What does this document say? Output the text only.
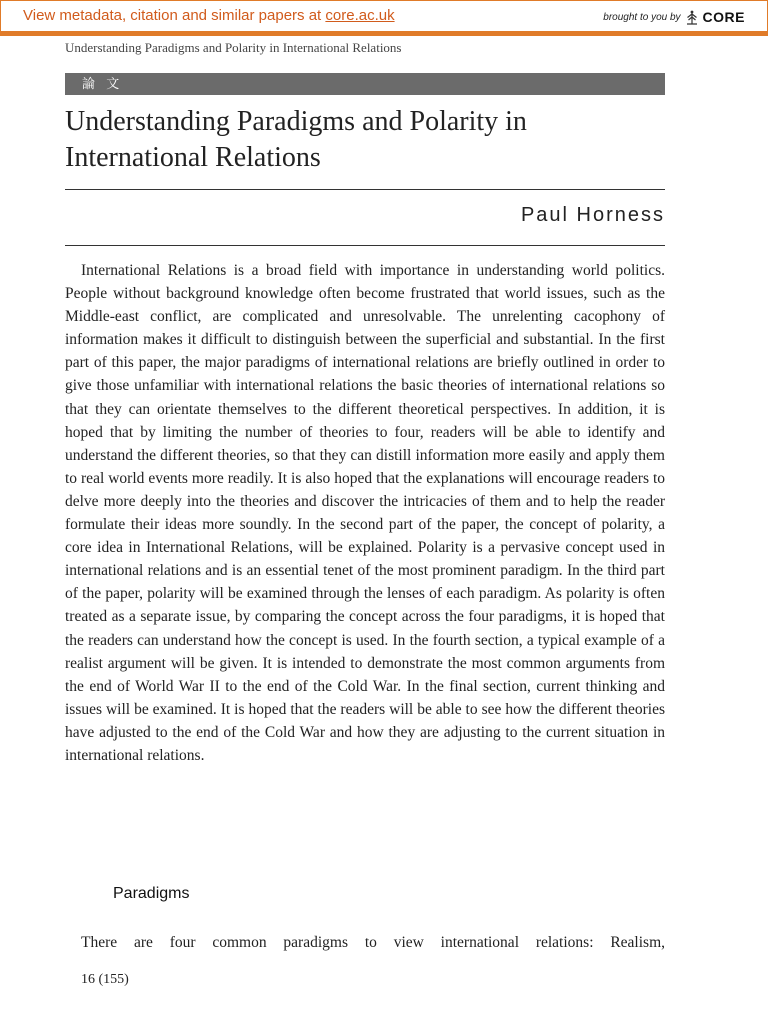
View metadata, citation and similar papers at core.ac.uk	brought to you by CORE
Understanding Paradigms and Polarity in International Relations
論 文
Understanding Paradigms and Polarity in International Relations
Paul Horness

International Relations is a broad field with importance in understanding world politics. People without background knowledge often become frustrated that world issues, such as the Middle-east conflict, are complicated and unresolvable. The unrelenting cacophony of information makes it difficult to distinguish between the superficial and substantial. In the first part of this paper, the major paradigms of international relations are briefly outlined in order to give those unfamiliar with international relations the basic theories of international relations so that they can orientate themselves to the different theoretical perspectives. In addition, it is hoped that by limiting the number of theories to four, readers will be able to identify and understand the different theories, so that they can distill information more easily and apply them to real world events more readily. It is also hoped that the explanations will encourage readers to delve more deeply into the theories and discover the intricacies of them and to help the reader formulate their ideas more soundly. In the second part of the paper, the concept of polarity, a core idea in International Relations, will be explained. Polarity is a pervasive concept used in international relations and is an essential tenet of the most prominent paradigm. In the third part of the paper, polarity will be examined through the lenses of each paradigm. As polarity is often treated as a separate issue, by comparing the concept across the four paradigms, it is hoped that the readers can understand how the concept is used. In the fourth section, a typical example of a realist argument will be given. It is intended to demonstrate the most common arguments from the end of World War II to the end of the Cold War. In the final section, current thinking and issues will be examined. It is hoped that the readers will be able to see how the different theories have adjusted to the end of the Cold War and how they are adjusting to the current situation in international relations.

Paradigms

There are four common paradigms to view international relations: Realism,

16 (155)
